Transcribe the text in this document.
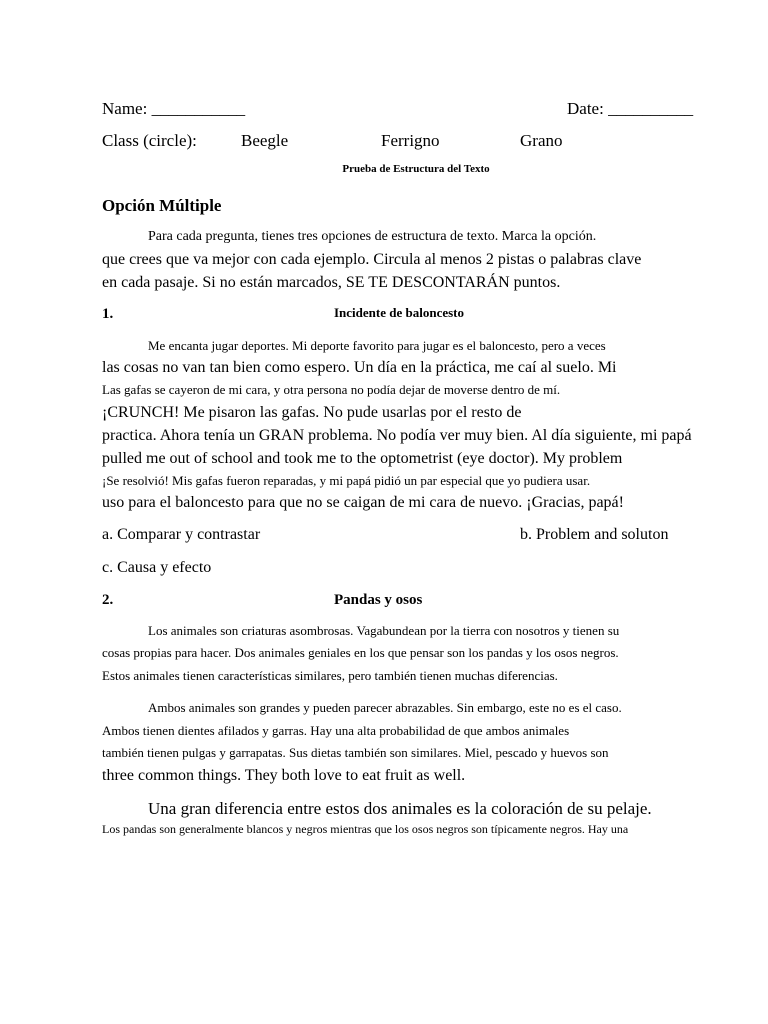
Name: ___________	Date: __________
Class (circle):	Beegle	Ferrigno	Grano
Prueba de Estructura del Texto
Opción Múltiple
Para cada pregunta, tienes tres opciones de estructura de texto. Marca la opción.
que crees que va mejor con cada ejemplo. Circula al menos 2 pistas o palabras clave
en cada pasaje. Si no están marcados, SE TE DESCONTARÁN puntos.
1.	Incidente de baloncesto
Me encanta jugar deportes. Mi deporte favorito para jugar es el baloncesto, pero a veces
las cosas no van tan bien como espero. Un día en la práctica, me caí al suelo. Mi
Las gafas se cayeron de mi cara, y otra persona no podía dejar de moverse dentro de mí.
¡CRUNCH! Me pisaron las gafas. No pude usarlas por el resto de
practica. Ahora tenía un GRAN problema. No podía ver muy bien. Al día siguiente, mi papá
pulled me out of school and took me to the optometrist (eye doctor). My problem
¡Se resolvió! Mis gafas fueron reparadas, y mi papá pidió un par especial que yo pudiera usar.
uso para el baloncesto para que no se caigan de mi cara de nuevo. ¡Gracias, papá!
a. Comparar y contrastar	b. Problem and soluton
c. Causa y efecto
2.	Pandas y osos
Los animales son criaturas asombrosas. Vagabundean por la tierra con nosotros y tienen su
cosas propias para hacer. Dos animales geniales en los que pensar son los pandas y los osos negros.
Estos animales tienen características similares, pero también tienen muchas diferencias.
Ambos animales son grandes y pueden parecer abrazables. Sin embargo, este no es el caso.
Ambos tienen dientes afilados y garras. Hay una alta probabilidad de que ambos animales
también tienen pulgas y garrapatas. Sus dietas también son similares. Miel, pescado y huevos son
three common things. They both love to eat fruit as well.
Una gran diferencia entre estos dos animales es la coloración de su pelaje.
Los pandas son generalmente blancos y negros mientras que los osos negros son típicamente negros. Hay una
